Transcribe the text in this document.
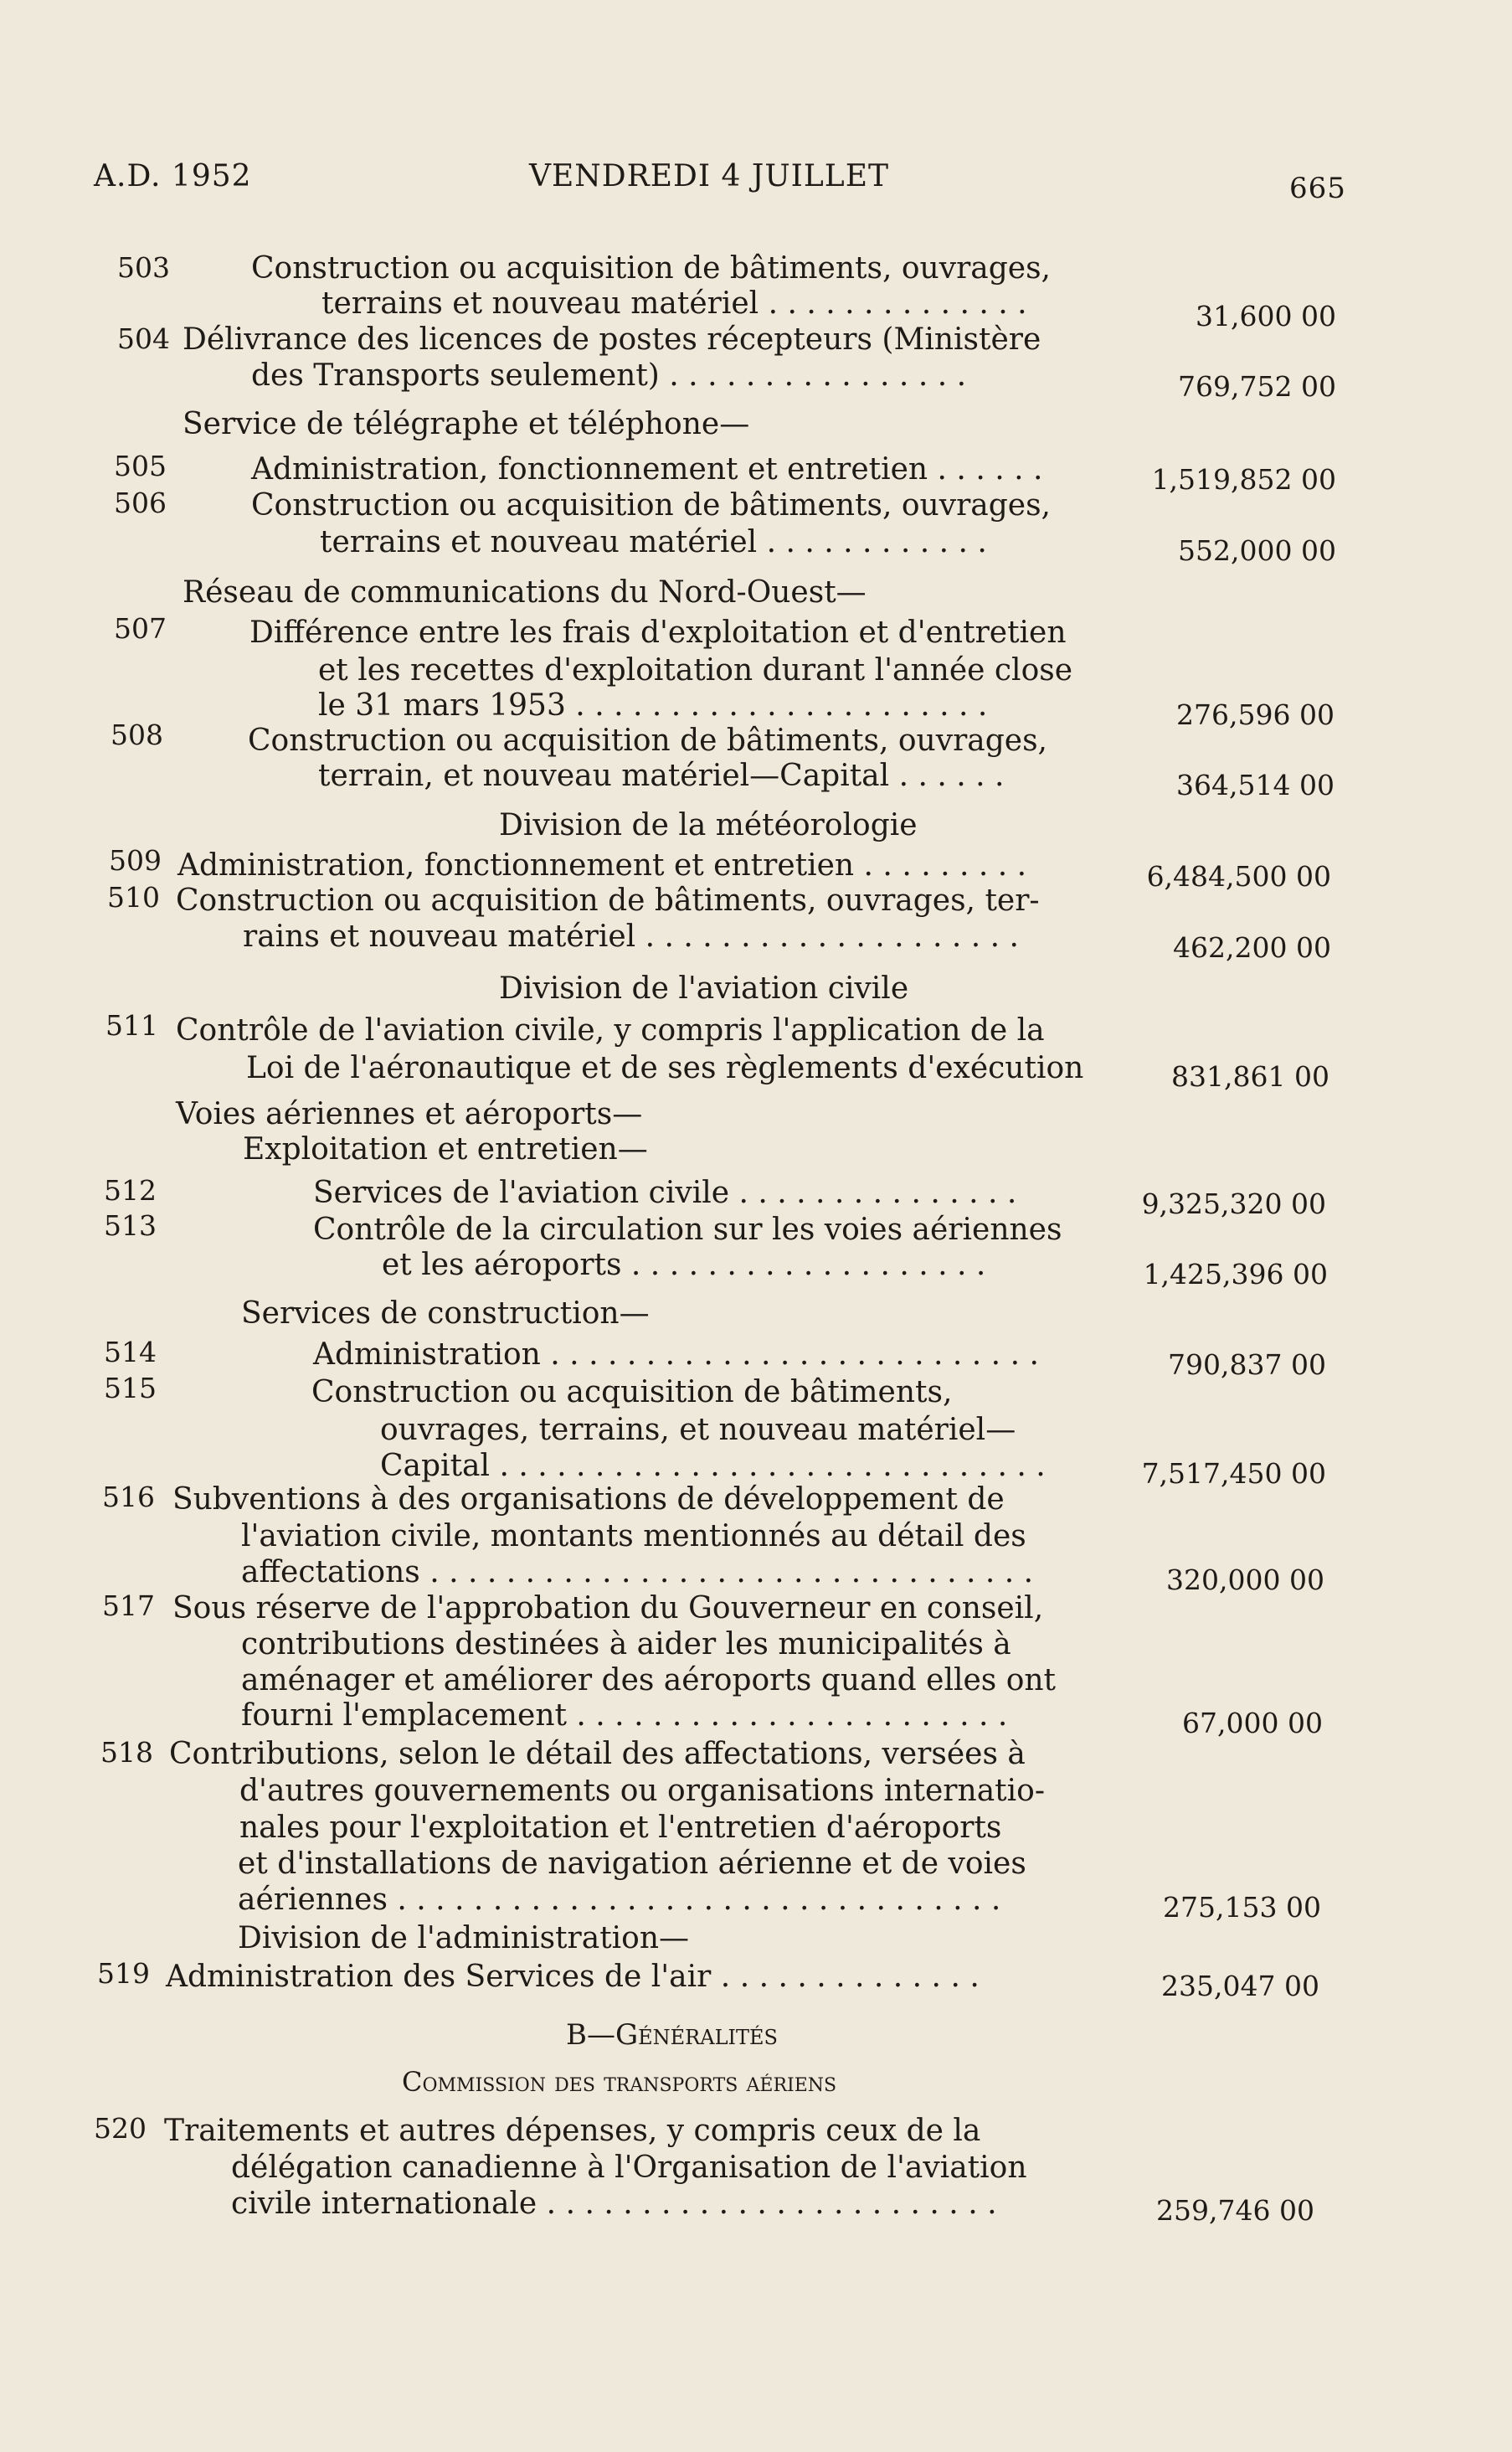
A.D. 1952	VENDREDI 4 JUILLET	665
503	Construction ou acquisition de bâtiments, ouvrages,
terrains et nouveau matériel . . . . . . . . . . . . . .	31,600 00
504 Délivrance des licences de postes récepteurs (Ministère
des Transports seulement) . . . . . . . . . . . . . . . .	769,752 00
Service de télégraphe et téléphone—
505	Administration, fonctionnement et entretien . . . . . .	1,519,852 00
506	Construction ou acquisition de bâtiments, ouvrages,
terrains et nouveau matériel . . . . . . . . . . . .	552,000 00
Réseau de communications du Nord-Ouest—
507	Différence entre les frais d'exploitation et d'entretien
et les recettes d'exploitation durant l'année close
le 31 mars 1953 . . . . . . . . . . . . . . . . . . . . . .	276,596 00
508	Construction ou acquisition de bâtiments, ouvrages,
terrain, et nouveau matériel—Capital . . . . . .	364,514 00
Division de la météorologie
509 Administration, fonctionnement et entretien . . . . . . . . .	6,484,500 00
510 Construction ou acquisition de bâtiments, ouvrages, ter-
rains et nouveau matériel . . . . . . . . . . . . . . . . . . . .	462,200 00
Division de l'aviation civile
511 Contrôle de l'aviation civile, y compris l'application de la
Loi de l'aéronautique et de ses règlements d'exécution	831,861 00
Voies aériennes et aéroports—
Exploitation et entretien—
512	Services de l'aviation civile . . . . . . . . . . . . . . .	9,325,320 00
513	Contrôle de la circulation sur les voies aériennes
et les aéroports . . . . . . . . . . . . . . . . . . .	1,425,396 00
Services de construction—
514	Administration . . . . . . . . . . . . . . . . . . . . . . . . . .	790,837 00
515	Construction ou acquisition de bâtiments,
ouvrages, terrains, et nouveau matériel—
Capital . . . . . . . . . . . . . . . . . . . . . . . . . . . . .	7,517,450 00
516 Subventions à des organisations de développement de
l'aviation civile, montants mentionnés au détail des
affectations . . . . . . . . . . . . . . . . . . . . . . . . . . . . . . . .	320,000 00
517 Sous réserve de l'approbation du Gouverneur en conseil,
contributions destinées à aider les municipalités à
aménager et améliorer des aéroports quand elles ont
fourni l'emplacement . . . . . . . . . . . . . . . . . . . . . . .	67,000 00
518 Contributions, selon le détail des affectations, versées à
d'autres gouvernements ou organisations internatio-
nales pour l'exploitation et l'entretien d'aéroports
et d'installations de navigation aérienne et de voies
aériennes . . . . . . . . . . . . . . . . . . . . . . . . . . . . . . . .	275,153 00
Division de l'administration—
519 Administration des Services de l'air . . . . . . . . . . . . . .	235,047 00
B—Généralités
Commission des transports aériens
520 Traitements et autres dépenses, y compris ceux de la
délégation canadienne à l'Organisation de l'aviation
civile internationale . . . . . . . . . . . . . . . . . . . . . . . .	259,746 00
